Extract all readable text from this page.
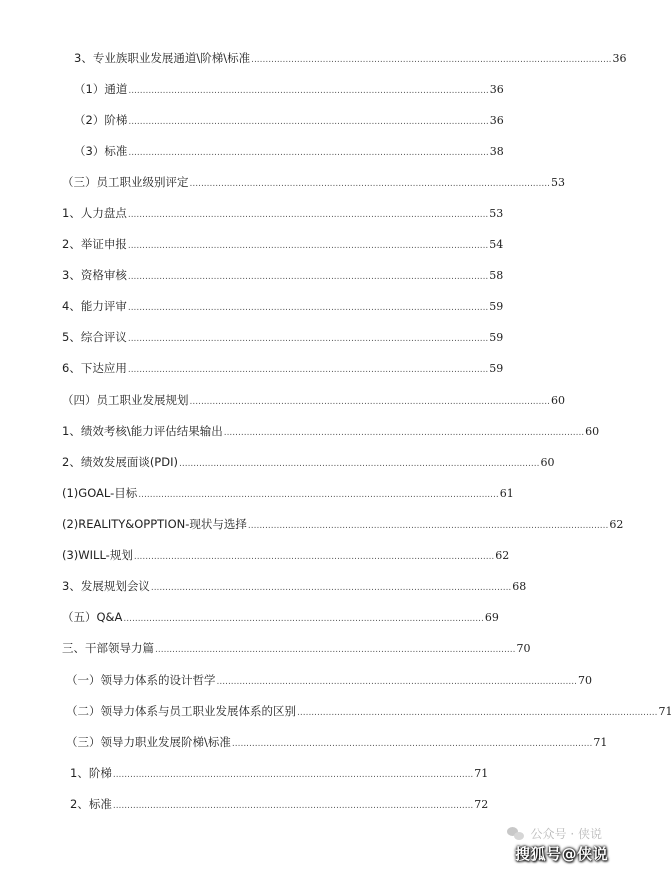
3、专业族职业发展通道\阶梯\标准 .............................................................................................................................. 36
（1）通道 .............................................................................................................................. 36
（2）阶梯 .............................................................................................................................. 36
（3）标准 .............................................................................................................................. 38
（三）员工职业级别评定 .............................................................................................................................. 53
1、人力盘点 .............................................................................................................................. 53
2、举证申报 .............................................................................................................................. 54
3、资格审核 .............................................................................................................................. 58
4、能力评审 .............................................................................................................................. 59
5、综合评议 .............................................................................................................................. 59
6、下达应用 .............................................................................................................................. 59
（四）员工职业发展规划 .............................................................................................................................. 60
1、绩效考核\能力评估结果输出 .............................................................................................................................. 60
2、绩效发展面谈(PDI) .............................................................................................................................. 60
(1)GOAL-目标 .............................................................................................................................. 61
(2)REALITY&OPPTION-现状与选择 .............................................................................................................................. 62
(3)WILL-规划 .............................................................................................................................. 62
3、发展规划会议 .............................................................................................................................. 68
（五）Q&A .............................................................................................................................. 69
三、干部领导力篇 .............................................................................................................................. 70
（一）领导力体系的设计哲学 .............................................................................................................................. 70
（二）领导力体系与员工职业发展体系的区别 .............................................................................................................................. 71
（三）领导力职业发展阶梯\标准 .............................................................................................................................. 71
1、阶梯 .............................................................................................................................. 71
2、标准 .............................................................................................................................. 72
公众号 · 侠说
搜狐号@侠说
